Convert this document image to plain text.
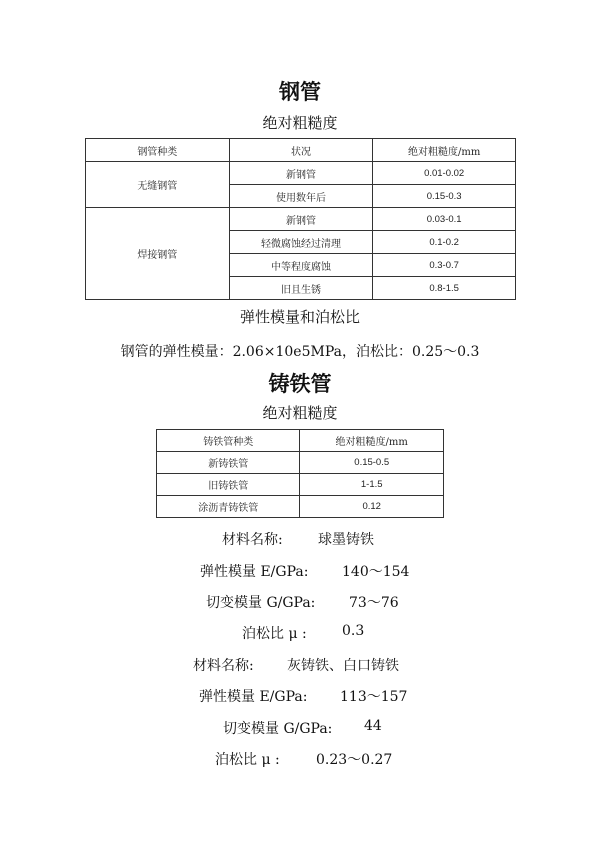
钢管
绝对粗糙度
钢管种类	状况	绝对粗糙度/mm
无缝钢管	新钢管	0.01-0.02
	使用数年后	0.15-0.3
焊接钢管	新钢管	0.03-0.1
	轻微腐蚀经过清理	0.1-0.2
	中等程度腐蚀	0.3-0.7
	旧且生锈	0.8-1.5
弹性模量和泊松比
钢管的弹性模量：2.06×10e5MPa，泊松比：0.25～0.3
铸铁管
绝对粗糙度
铸铁管种类	绝对粗糙度/mm
新铸铁管	0.15-0.5
旧铸铁管	1-1.5
涂沥青铸铁管	0.12
材料名称:	球墨铸铁
弹性模量 E/GPa: 140～154
切变模量 G/GPa: 73～76
泊松比 μ :	0.3
材料名称: 灰铸铁、白口铸铁
弹性模量 E/GPa: 113～157
切变模量 G/GPa: 44
泊松比 μ :	0.23～0.27
